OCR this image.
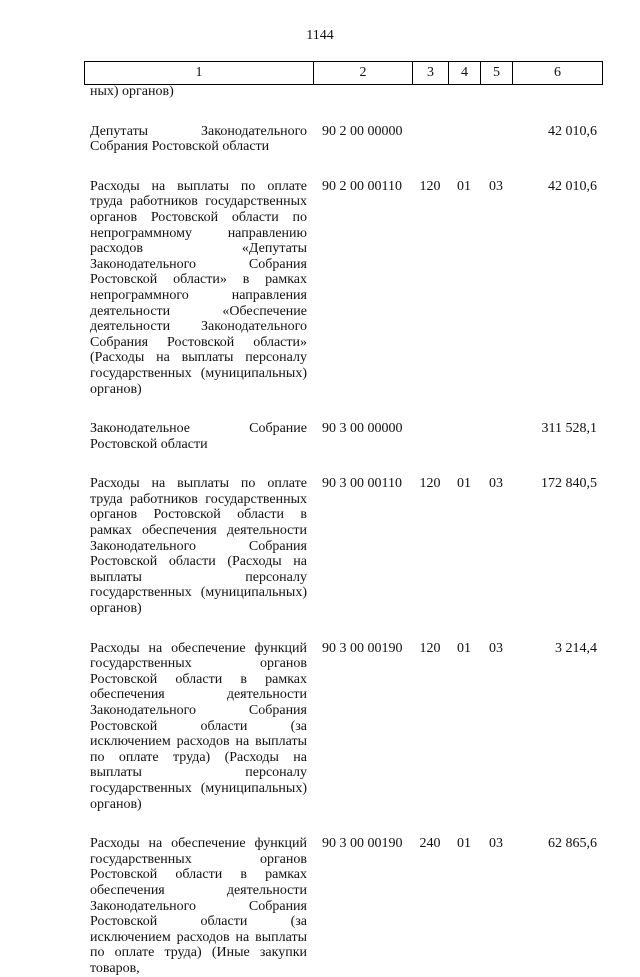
1144
1	2	3	4	5	6
ных) органов)					
Депутаты Законодательного Собрания Ростовской области	90 2 00 00000				42 010,6
Расходы на выплаты по оплате труда работников государственных органов Ростовской области по непрограммному направлению расходов «Депутаты Законодательного Собрания Ростовской области» в рамках непрограммного направления деятельности «Обеспечение деятельности Законодательного Собрания Ростовской области» (Расходы на выплаты персоналу государственных (муниципальных) органов)	90 2 00 00110	120	01	03	42 010,6
Законодательное Собрание Ростовской области	90 3 00 00000				311 528,1
Расходы на выплаты по оплате труда работников государственных органов Ростовской области в рамках обеспечения деятельности Законодательного Собрания Ростовской области (Расходы на выплаты персоналу государственных (муниципальных) органов)	90 3 00 00110	120	01	03	172 840,5
Расходы на обеспечение функций государственных органов Ростовской области в рамках обеспечения деятельности Законодательного Собрания Ростовской области (за исключением расходов на выплаты по оплате труда) (Расходы на выплаты персоналу государственных (муниципальных) органов)	90 3 00 00190	120	01	03	3 214,4
Расходы на обеспечение функций государственных органов Ростовской области в рамках обеспечения деятельности Законодательного Собрания Ростовской области (за исключением расходов на выплаты по оплате труда) (Иные закупки товаров,	90 3 00 00190	240	01	03	62 865,6
